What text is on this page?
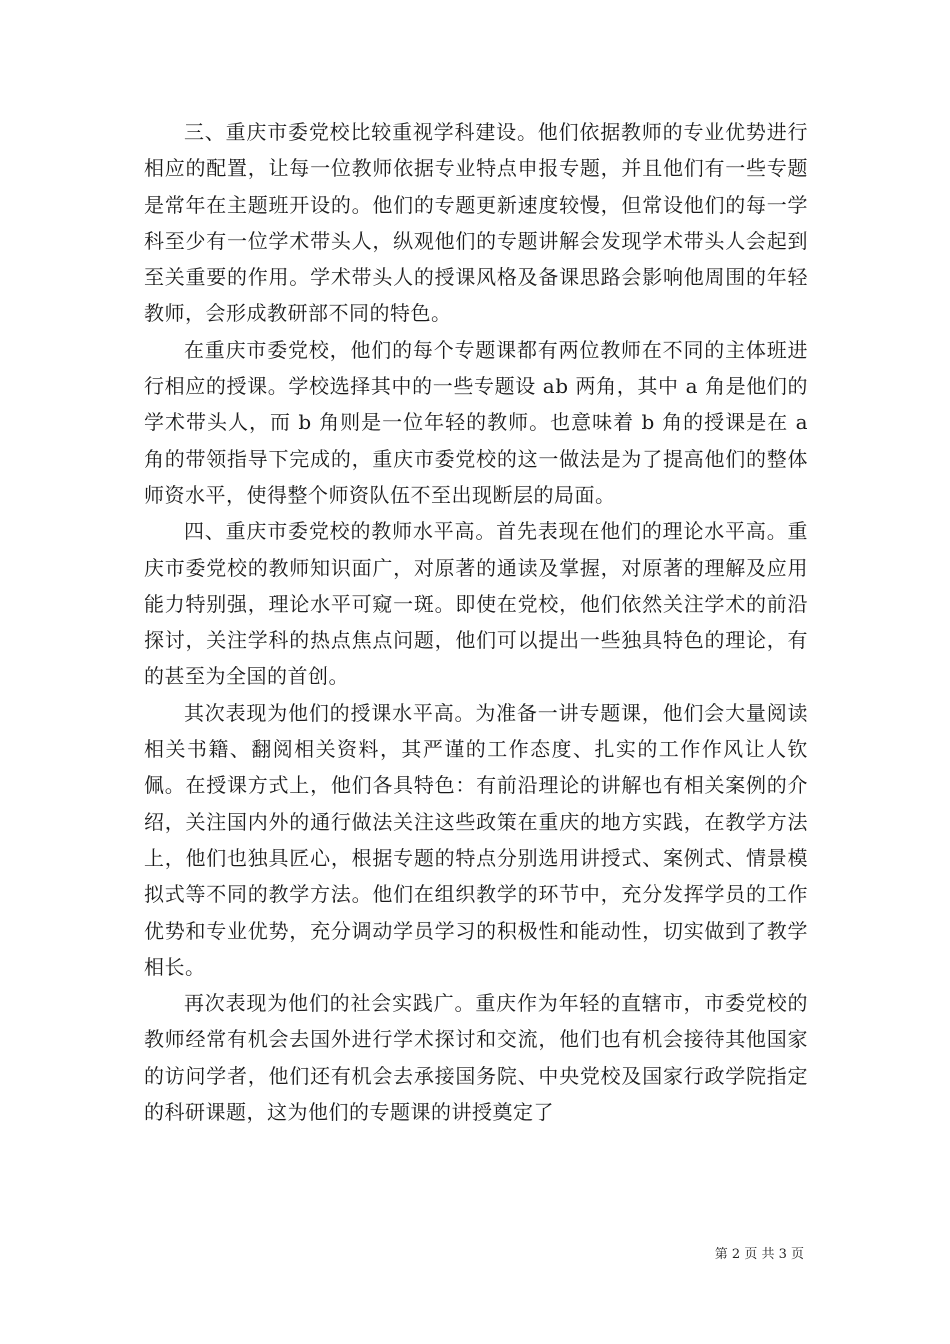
三、重庆市委党校比较重视学科建设。他们依据教师的专业优势进行相应的配置，让每一位教师依据专业特点申报专题，并且他们有一些专题是常年在主题班开设的。他们的专题更新速度较慢，但常设他们的每一学科至少有一位学术带头人，纵观他们的专题讲解会发现学术带头人会起到至关重要的作用。学术带头人的授课风格及备课思路会影响他周围的年轻教师，会形成教研部不同的特色。

在重庆市委党校，他们的每个专题课都有两位教师在不同的主体班进行相应的授课。学校选择其中的一些专题设 ab 两角，其中 a 角是他们的学术带头人，而 b 角则是一位年轻的教师。也意味着 b 角的授课是在 a 角的带领指导下完成的，重庆市委党校的这一做法是为了提高他们的整体师资水平，使得整个师资队伍不至出现断层的局面。

四、重庆市委党校的教师水平高。首先表现在他们的理论水平高。重庆市委党校的教师知识面广，对原著的通读及掌握，对原著的理解及应用能力特别强，理论水平可窥一斑。即使在党校，他们依然关注学术的前沿探讨，关注学科的热点焦点问题，他们可以提出一些独具特色的理论，有的甚至为全国的首创。

其次表现为他们的授课水平高。为准备一讲专题课，他们会大量阅读相关书籍、翻阅相关资料，其严谨的工作态度、扎实的工作作风让人钦佩。在授课方式上，他们各具特色：有前沿理论的讲解也有相关案例的介绍，关注国内外的通行做法关注这些政策在重庆的地方实践，在教学方法上，他们也独具匠心，根据专题的特点分别选用讲授式、案例式、情景模拟式等不同的教学方法。他们在组织教学的环节中，充分发挥学员的工作优势和专业优势，充分调动学员学习的积极性和能动性，切实做到了教学相长。

再次表现为他们的社会实践广。重庆作为年轻的直辖市，市委党校的教师经常有机会去国外进行学术探讨和交流，他们也有机会接待其他国家的访问学者，他们还有机会去承接国务院、中央党校及国家行政学院指定的科研课题，这为他们的专题课的讲授奠定了

第 2 页 共 3 页
